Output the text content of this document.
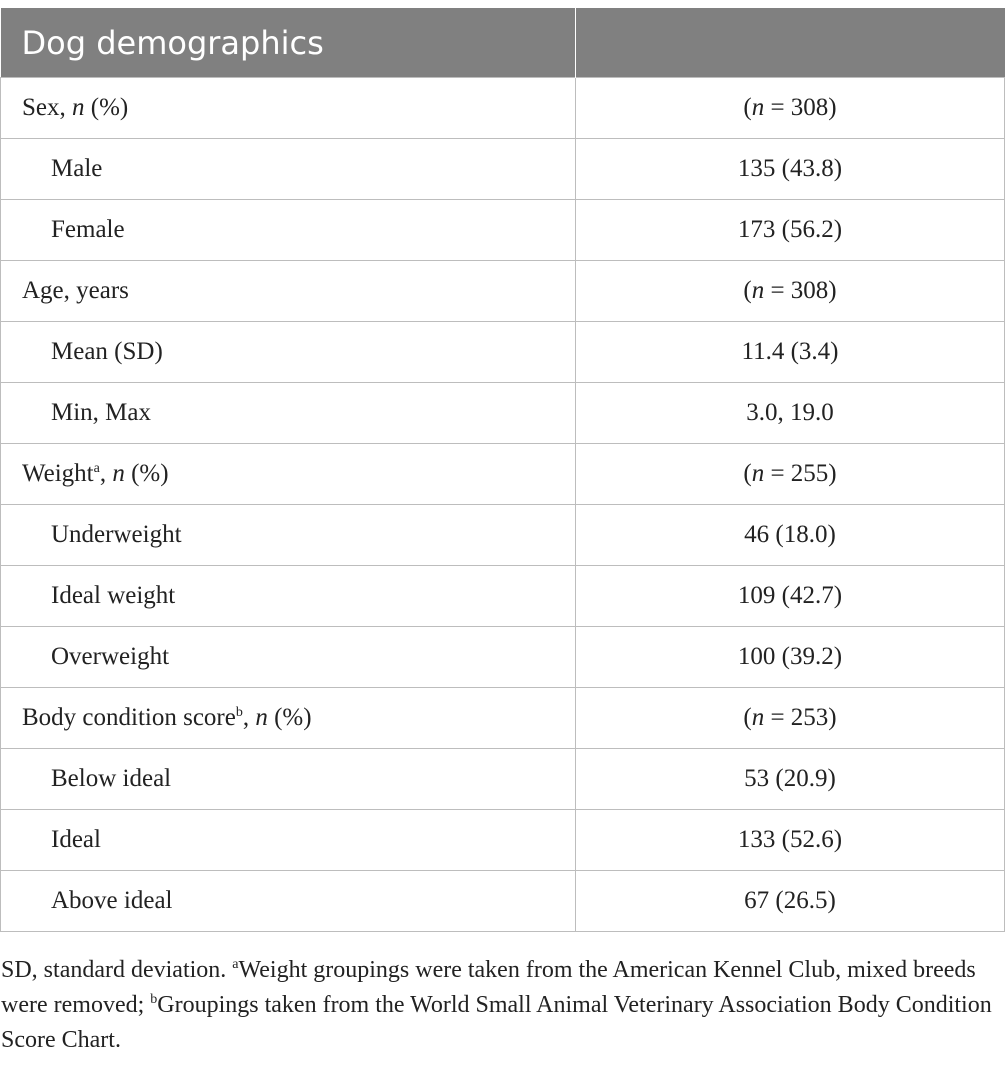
Dog demographics	
Sex, n (%)	(n = 308)
Male	135 (43.8)
Female	173 (56.2)
Age, years	(n = 308)
Mean (SD)	11.4 (3.4)
Min, Max	3.0, 19.0
Weight$^a$, n (%)	(n = 255)
Underweight	46 (18.0)
Ideal weight	109 (42.7)
Overweight	100 (39.2)
Body condition score$^b$, n (%)	(n = 253)
Below ideal	53 (20.9)
Ideal	133 (52.6)
Above ideal	67 (26.5)
SD, standard deviation. $^a$Weight groupings were taken from the American Kennel Club, mixed breeds were removed; $^b$Groupings taken from the World Small Animal Veterinary Association Body Condition Score Chart.
